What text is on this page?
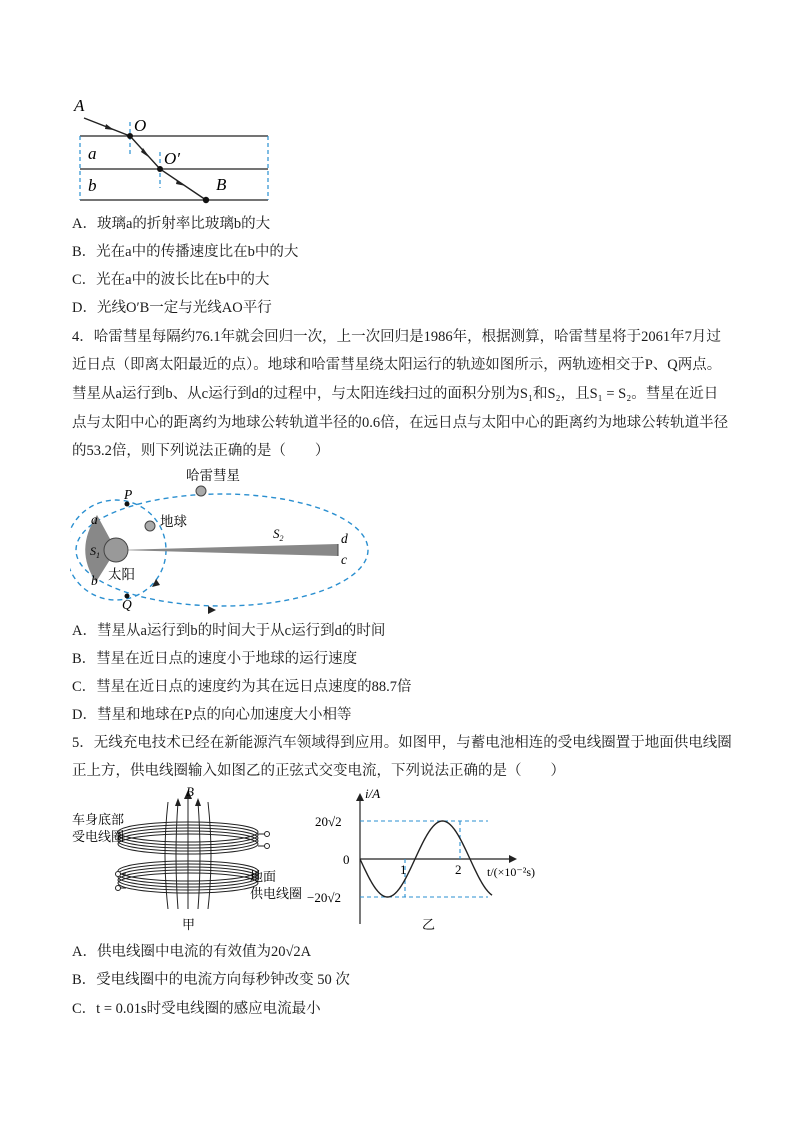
A
O
O′
a
b	B
A．玻璃a的折射率比玻璃b的大
B．光在a中的传播速度比在b中的大
C．光在a中的波长比在b中的大
D．光线O′B一定与光线AO平行
4．哈雷彗星每隔约76.1年就会回归一次，上一次回归是1986年，根据测算，哈雷彗星将于2061年7月过
近日点（即离太阳最近的点）。地球和哈雷彗星绕太阳运行的轨迹如图所示，两轨迹相交于P、Q两点。
彗星从a运行到b、从c运行到d的过程中，与太阳连线扫过的面积分别为S₁和S₂，且S₁ = S₂。彗星在近日
点与太阳中心的距离约为地球公转轨道半径的0.6倍，在远日点与太阳中心的距离约为地球公转轨道半径
的53.2倍，则下列说法正确的是（　　）
哈雷彗星
地球
太阳
P
Q
a
b
c
d
$S_1$
$S_2$
A．彗星从a运行到b的时间大于从c运行到d的时间
B．彗星在近日点的速度小于地球的运行速度
C．彗星在近日点的速度约为其在远日点速度的88.7倍
D．彗星和地球在P点的向心加速度大小相等
5．无线充电技术已经在新能源汽车领域得到应用。如图甲，与蓄电池相连的受电线圈置于地面供电线圈
正上方，供电线圈输入如图乙的正弦式交变电流，下列说法正确的是（　　）
B
车身底部
受电线圈
地面
供电线圈
甲
i/A
20√2
0
−20√2
1	2 t/(×10⁻²s)
乙
A．供电线圈中电流的有效值为20√2A
B．受电线圈中的电流方向每秒钟改变 50 次
C．t = 0.01s时受电线圈的感应电流最小
